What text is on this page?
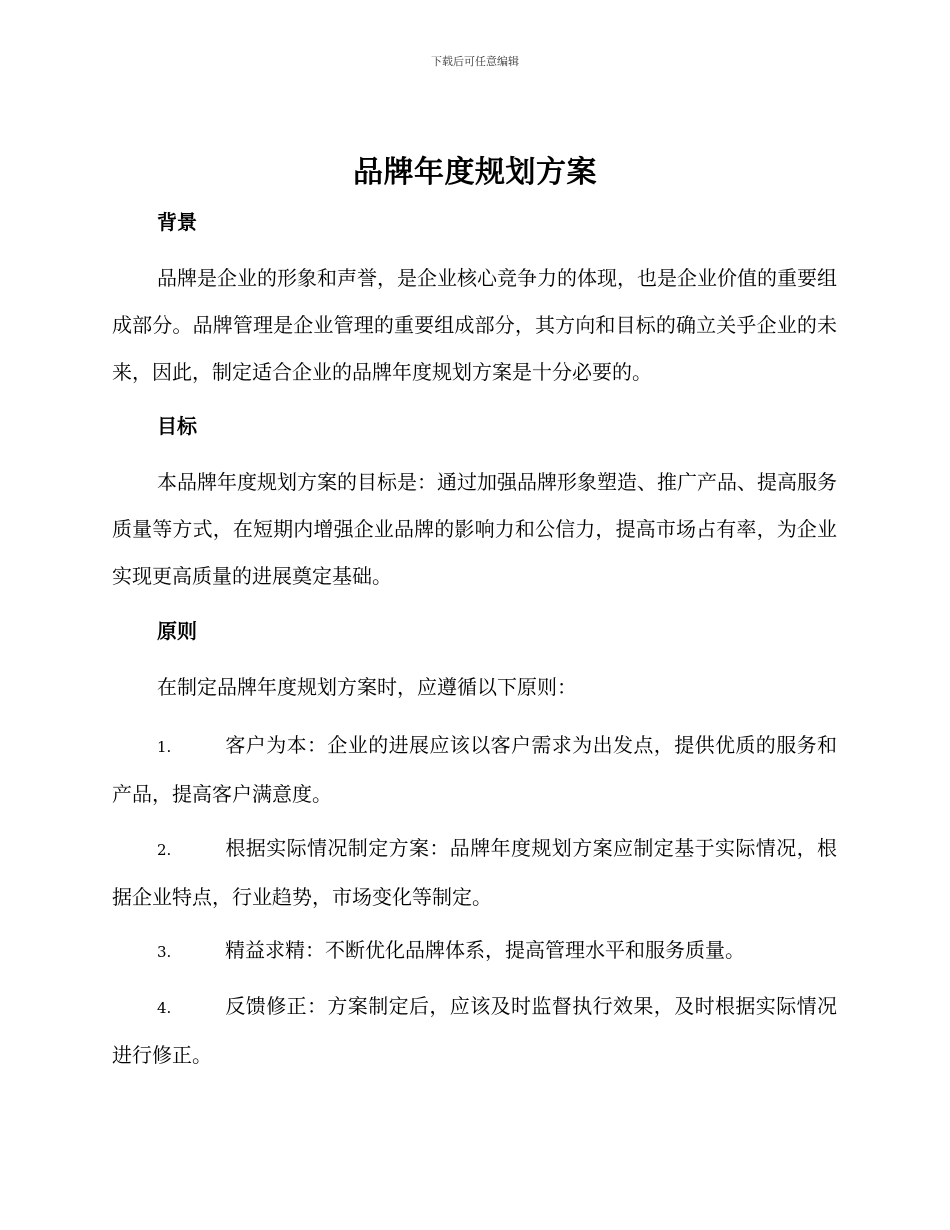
下载后可任意编辑
品牌年度规划方案
背景

品牌是企业的形象和声誉，是企业核心竞争力的体现，也是企业价值的重要组成部分。品牌管理是企业管理的重要组成部分，其方向和目标的确立关乎企业的未来，因此，制定适合企业的品牌年度规划方案是十分必要的。

目标

本品牌年度规划方案的目标是：通过加强品牌形象塑造、推广产品、提高服务质量等方式，在短期内增强企业品牌的影响力和公信力，提高市场占有率，为企业实现更高质量的进展奠定基础。

原则

在制定品牌年度规划方案时，应遵循以下原则：

1.	客户为本：企业的进展应该以客户需求为出发点，提供优质的服务和产品，提高客户满意度。

2.	根据实际情况制定方案：品牌年度规划方案应制定基于实际情况，根据企业特点，行业趋势，市场变化等制定。

3.	精益求精：不断优化品牌体系，提高管理水平和服务质量。

4.	反馈修正：方案制定后，应该及时监督执行效果，及时根据实际情况进行修正。
